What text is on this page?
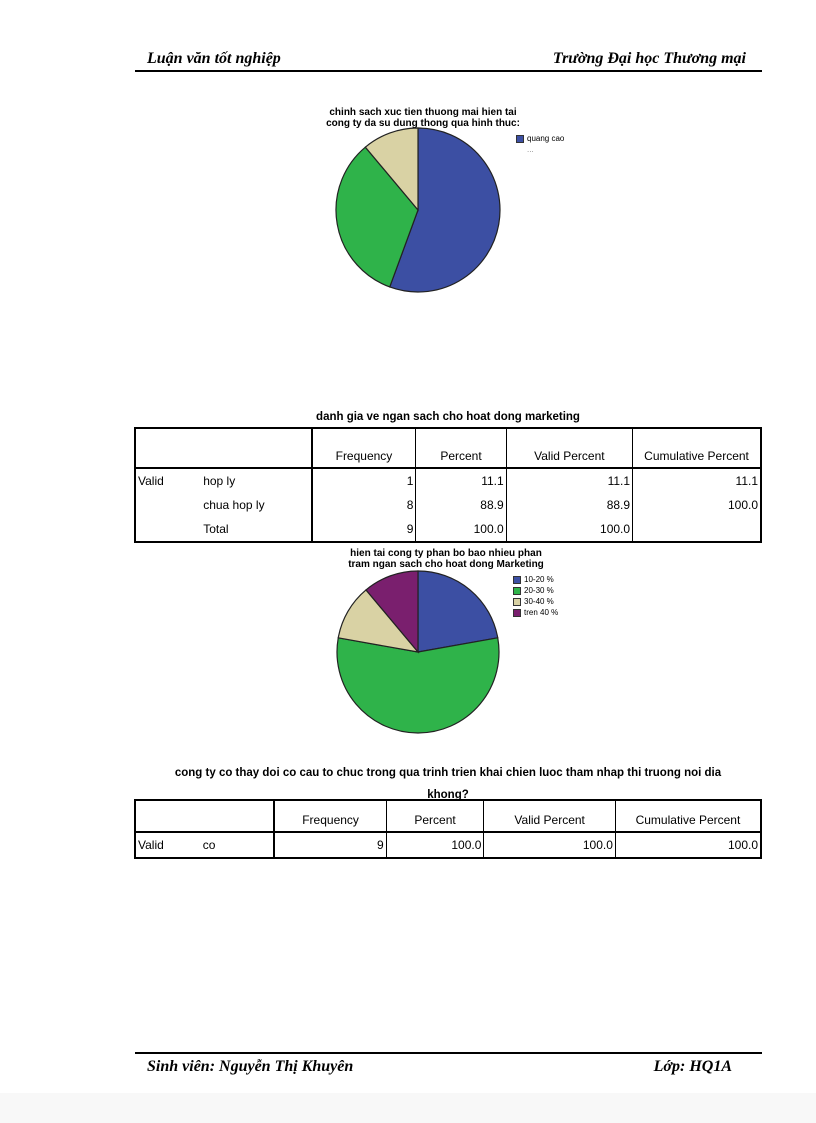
Luận văn tốt nghiệp	Trường Đại học Thương mại
chinh sach xuc tien thuong mai hien tai
cong ty da su dung thong qua hinh thuc:
quang cao
...
danh gia ve ngan sach cho hoat dong marketing
		Frequency	Percent	Valid Percent	Cumulative Percent
Valid	hop ly	1	11.1	11.1	11.1
	chua hop ly	8	88.9	88.9	100.0
	Total	9	100.0	100.0	
hien tai cong ty phan bo bao nhieu phan
tram ngan sach cho hoat dong Marketing
10-20 %
20-30 %
30-40 %
tren 40 %
cong ty co thay doi co cau to chuc trong qua trinh trien khai chien luoc tham nhap thi truong noi dia
khong?
		Frequency	Percent	Valid Percent	Cumulative Percent
Valid	co	9	100.0	100.0	100.0
Sinh viên: Nguyễn Thị Khuyên	Lớp: HQ1A
